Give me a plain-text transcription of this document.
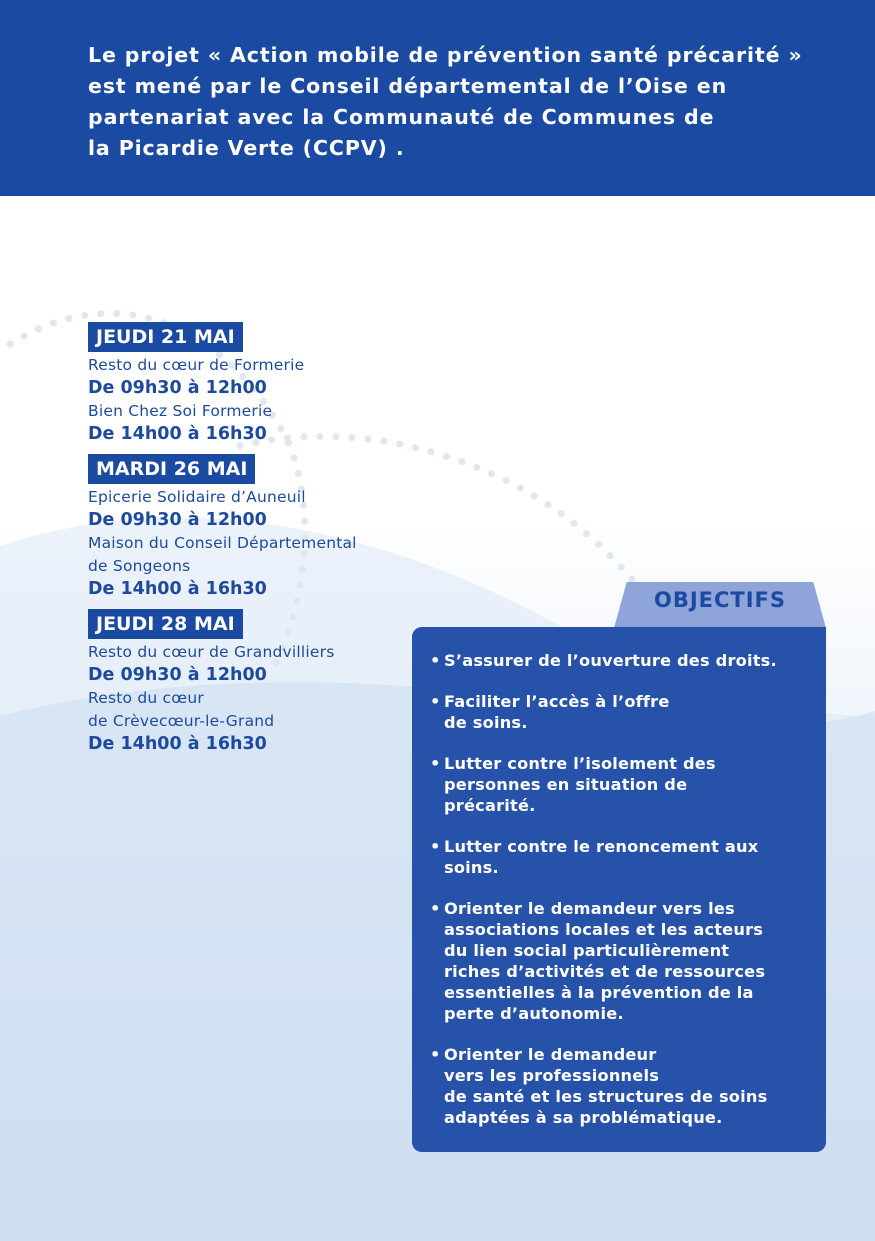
Le projet « Action mobile de prévention santé précarité »
est mené par le Conseil départemental de l’Oise en
partenariat avec la Communauté de Communes de
la Picardie Verte (CCPV) .

JEUDI 21 MAI
Resto du cœur de Formerie
De 09h30 à 12h00
Bien Chez Soi Formerie
De 14h00 à 16h30
MARDI 26 MAI
Epicerie Solidaire d’Auneuil
De 09h30 à 12h00
Maison du Conseil Départemental
de Songeons
De 14h00 à 16h30
JEUDI 28 MAI
Resto du cœur de Grandvilliers
De 09h30 à 12h00
Resto du cœur
de Crèvecœur-le-Grand
De 14h00 à 16h30
OBJECTIFS
• S’assurer de l’ouverture des droits.
• Faciliter l’accès à l’offre
de soins.
• Lutter contre l’isolement des
personnes en situation de
précarité.
• Lutter contre le renoncement aux
soins.
• Orienter le demandeur vers les
associations locales et les acteurs
du lien social particulièrement
riches d’activités et de ressources
essentielles à la prévention de la
perte d’autonomie.
• Orienter le demandeur
vers les professionnels
de santé et les structures de soins
adaptées à sa problématique.
